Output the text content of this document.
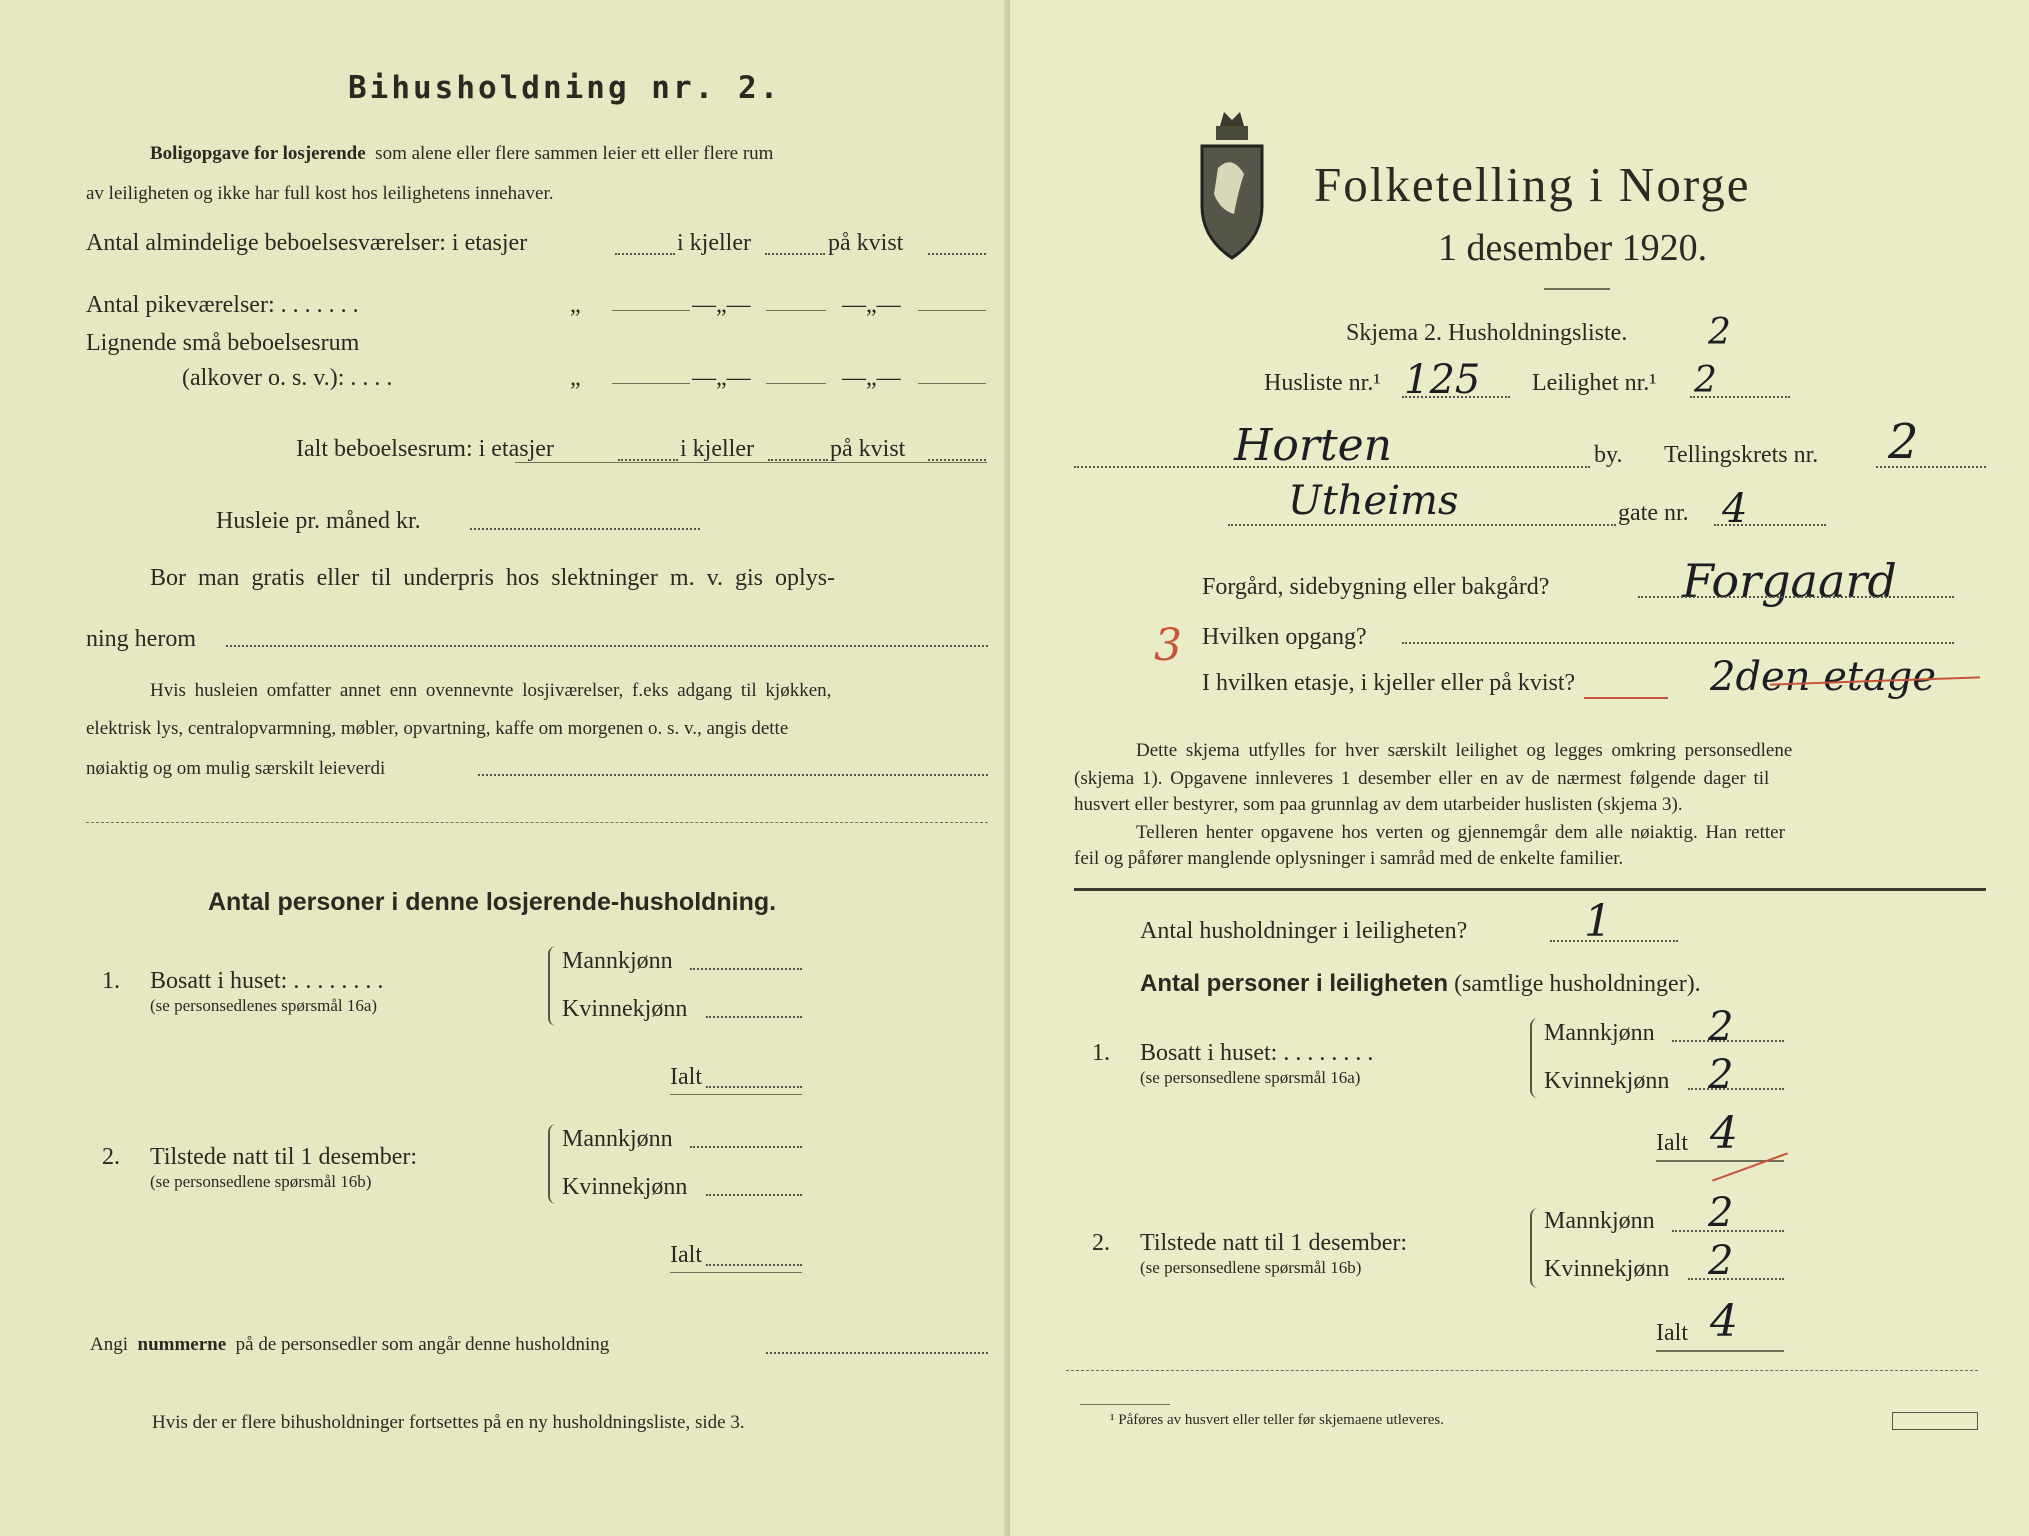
Bihusholdning nr. 2.
Boligopgave for losjerende som alene eller flere sammen leier ett eller flere rum
av leiligheten og ikke har full kost hos leilighetens innehaver.
Antal almindelige beboelsesværelser: i etasjer	i kjeller	på kvist
Antal pikeværelser: . . . . . . .	„	—„—	—„—
Lignende små beboelsesrum
(alkover o. s. v.): . . . .	„	—„—	—„—
Ialt beboelsesrum: i etasjer	i kjeller	på kvist
Husleie pr. måned kr.
Bor man gratis eller til underpris hos slektninger m. v. gis oplys-
ning herom
Hvis husleien omfatter annet enn ovennevnte losjiværelser, f.eks adgang til kjøkken,
elektrisk lys, centralopvarmning, møbler, opvartning, kaffe om morgenen o. s. v., angis dette
nøiaktig og om mulig særskilt leieverdi
Antal personer i denne losjerende-husholdning.
1. Bosatt i huset: . . . . . . . .
(se personsedlenes spørsmål 16a)
Mannkjønn
Kvinnekjønn
Ialt
2. Tilstede natt til 1 desember:
(se personsedlene spørsmål 16b)
Mannkjønn
Kvinnekjønn
Ialt
Angi nummerne på de personsedler som angår denne husholdning
Hvis der er flere bihusholdninger fortsettes på en ny husholdningsliste, side 3.
Folketelling i Norge
1 desember 1920.
Skjema 2. Husholdningsliste. 2
Husliste nr.¹ 125 Leilighet nr.¹ 2
Horten	by. Tellingskrets nr. 2
Utheims	gate nr. 4
Forgård, sidebygning eller bakgård?	Forgaard
3 Hvilken opgang?
I hvilken etasje, i kjeller eller på kvist?	2den etage
Dette skjema utfylles for hver særskilt leilighet og legges omkring personsedlene
(skjema 1). Opgavene innleveres 1 desember eller en av de nærmest følgende dager til
husvert eller bestyrer, som paa grunnlag av dem utarbeider huslisten (skjema 3).
Telleren henter opgavene hos verten og gjennemgår dem alle nøiaktig. Han retter
feil og påfører manglende oplysninger i samråd med de enkelte familier.
Antal husholdninger i leiligheten?	1
Antal personer i leiligheten (samtlige husholdninger).
1. Bosatt i huset: . . . . . . . .
(se personsedlene spørsmål 16a)
Mannkjønn 2
Kvinnekjønn 2
Ialt 4
2. Tilstede natt til 1 desember:
(se personsedlene spørsmål 16b)
Mannkjønn 2
Kvinnekjønn 2
Ialt 4
¹ Påføres av husvert eller teller før skjemaene utleveres.
